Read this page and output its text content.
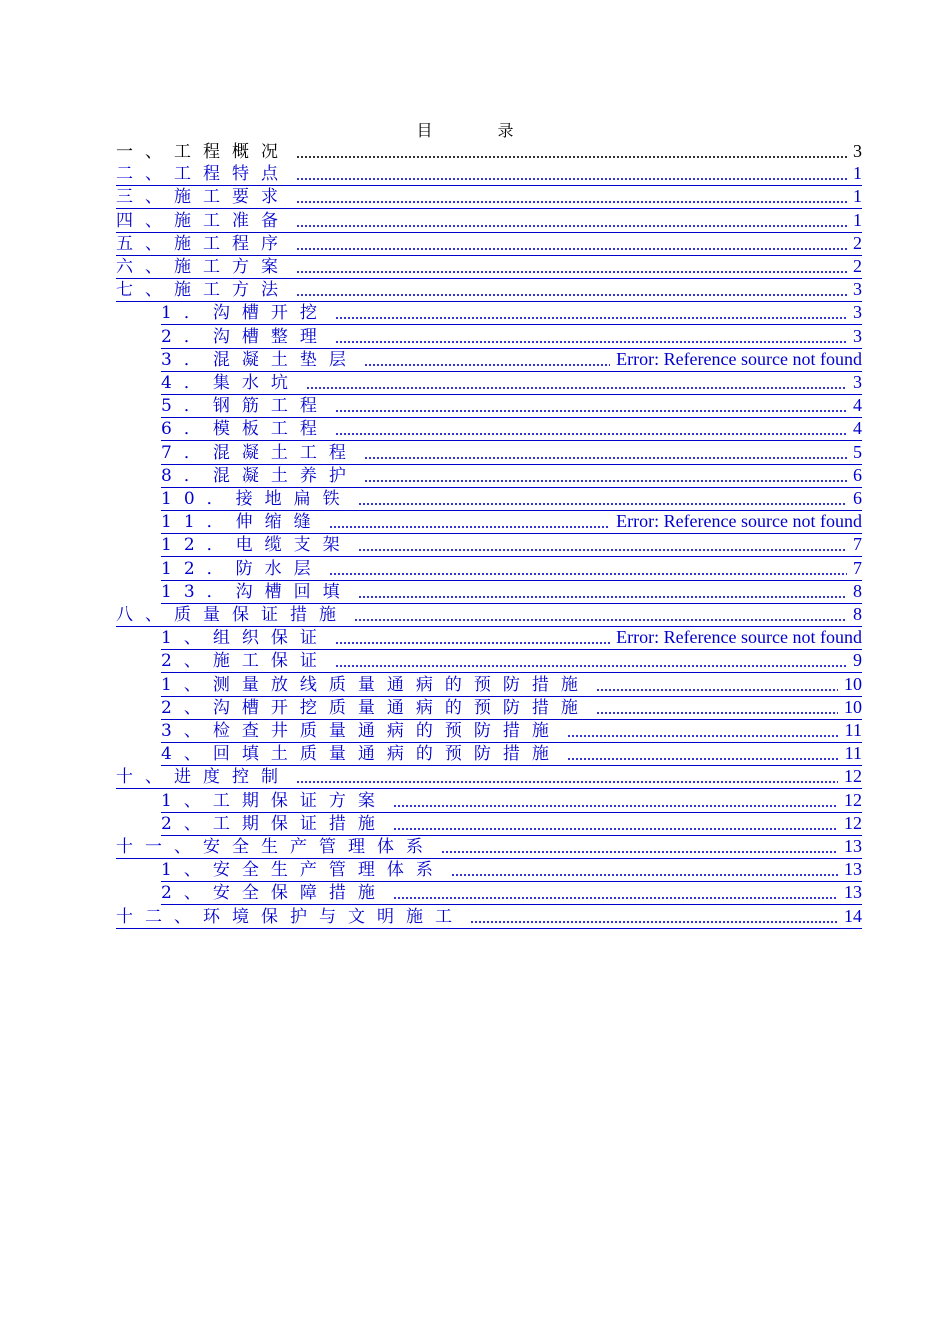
目 录
一、工程概况	3
二、工程特点	1
三、施工要求	1
四、施工准备	1
五、施工程序	2
六、施工方案	2
七、施工方法	3
1．沟槽开挖	3
2．沟槽整理	3
3．混凝土垫层	Error: Reference source not found
4．集水坑	3
5．钢筋工程	4
6．模板工程	4
7．混凝土工程	5
8．混凝土养护	6
10．接地扁铁	6
11．伸缩缝	Error: Reference source not found
12．电缆支架	7
12．防水层	7
13．沟槽回填	8
八、质量保证措施	8
1、组织保证	Error: Reference source not found
2、施工保证	9
1、测量放线质量通病的预防措施	10
2、沟槽开挖质量通病的预防措施	10
3、检查井质量通病的预防措施	11
4、回填土质量通病的预防措施	11
十、进度控制	12
1、工期保证方案	12
2、工期保证措施	12
十一、安全生产管理体系	13
1、安全生产管理体系	13
2、安全保障措施	13
十二、环境保护与文明施工	14
